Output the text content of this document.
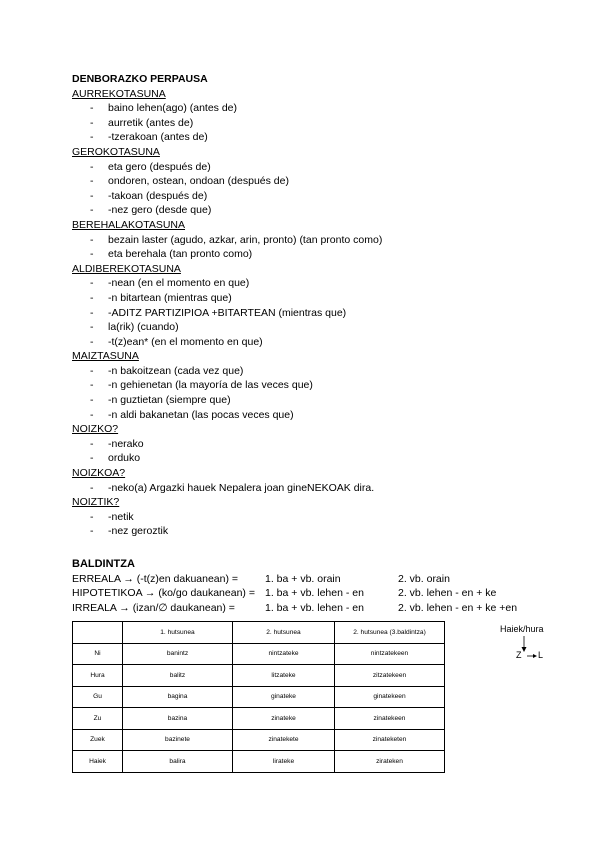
DENBORAZKO PERPAUSA
AURREKOTASUNA
- baino lehen(ago) (antes de)
- aurretik (antes de)
- -tzerakoan (antes de)
GEROKOTASUNA
- eta gero (después de)
- ondoren, ostean, ondoan (después de)
- -takoan (después de)
- -nez gero (desde que)
BEREHALAKOTASUNA
- bezain laster (agudo, azkar, arin, pronto) (tan pronto como)
- eta berehala (tan pronto como)
ALDIBEREKOTASUNA
- -nean (en el momento en que)
- -n bitartean (mientras que)
- -ADITZ PARTIZIPIOA +BITARTEAN (mientras que)
- la(rik) (cuando)
- -t(z)ean* (en el momento en que)
MAIZTASUNA
- -n bakoitzean (cada vez que)
- -n gehienetan (la mayoría de las veces que)
- -n guztietan (siempre que)
- -n aldi bakanetan (las pocas veces que)
NOIZKO?
- -nerako
- orduko
NOIZKOA?
- -neko(a) Argazki hauek Nepalera joan gineNEKOAK dira.
NOIZTIK?
- -netik
- -nez geroztik
BALDINTZA
ERREALA → (-t(z)en dakuanean) =	1. ba + vb. orain	2. vb. orain
HIPOTETIKOA → (ko/go daukanean) = 1. ba + vb. lehen - en	2. vb. lehen - en + ke
IRREALA → (izan/∅ daukanean) =	1. ba + vb. lehen - en	2. vb. lehen - en + ke +en
	1. hutsunea	2. hutsunea	2. hutsunea (3.baldintza)
Ni	banintz	nintzateke	nintzatekeen
Hura	balitz	litzateke	zitzatekeen
Gu	bagina	ginateke	ginatekeen
Zu	bazina	zinateke	zinatekeen
Zuek	bazinete	zinatekete	zinateketen
Haiek	balira	lirateke	zirateken
Haiek/hura
Z L
